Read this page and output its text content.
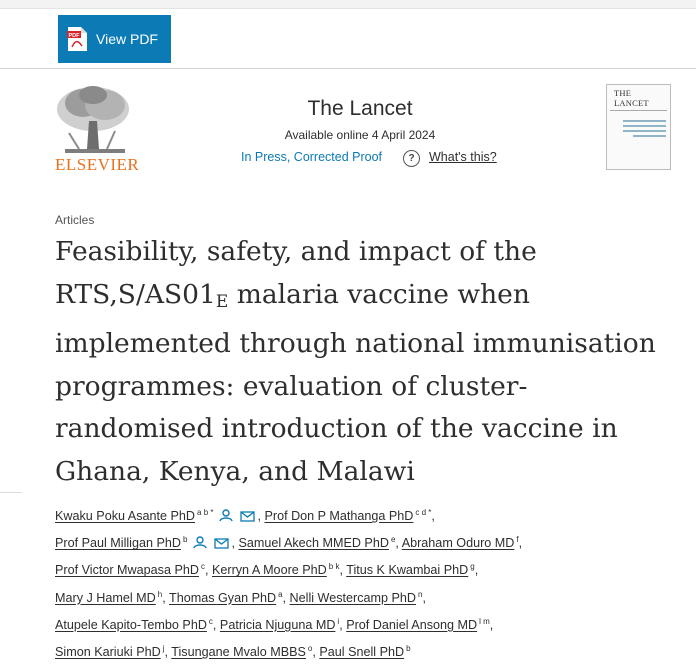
PDF View PDF
ELSEVIER
The Lancet
Available online 4 April 2024
In Press, Corrected Proof	?	What's this?
THE LANCET
Articles
Feasibility, safety, and impact of the $RTS,S/AS01_E$ malaria vaccine when implemented through national immunisation programmes: evaluation of cluster-randomised introduction of the vaccine in Ghana, Kenya, and Malawi
Kwaku Poku Asante PhD $^{a b *}$	, Prof Don P Mathanga PhD $^{c d *}$,
Prof Paul Milligan PhD $^b$	, Samuel Akech MMED PhD $^e$, Abraham Oduro MD $^f$,
Prof Victor Mwapasa PhD $^c$, Kerryn A Moore PhD $^{b k}$, Titus K Kwambai PhD $^g$,
Mary J Hamel MD $^h$, Thomas Gyan PhD $^a$, Nelli Westercamp PhD $^n$,
Atupele Kapito-Tembo PhD $^c$, Patricia Njuguna MD $^i$, Prof Daniel Ansong MD $^{l m}$,
Simon Kariuki PhD $^j$, Tisungane Mvalo MBBS $^o$, Paul Snell PhD $^b$
